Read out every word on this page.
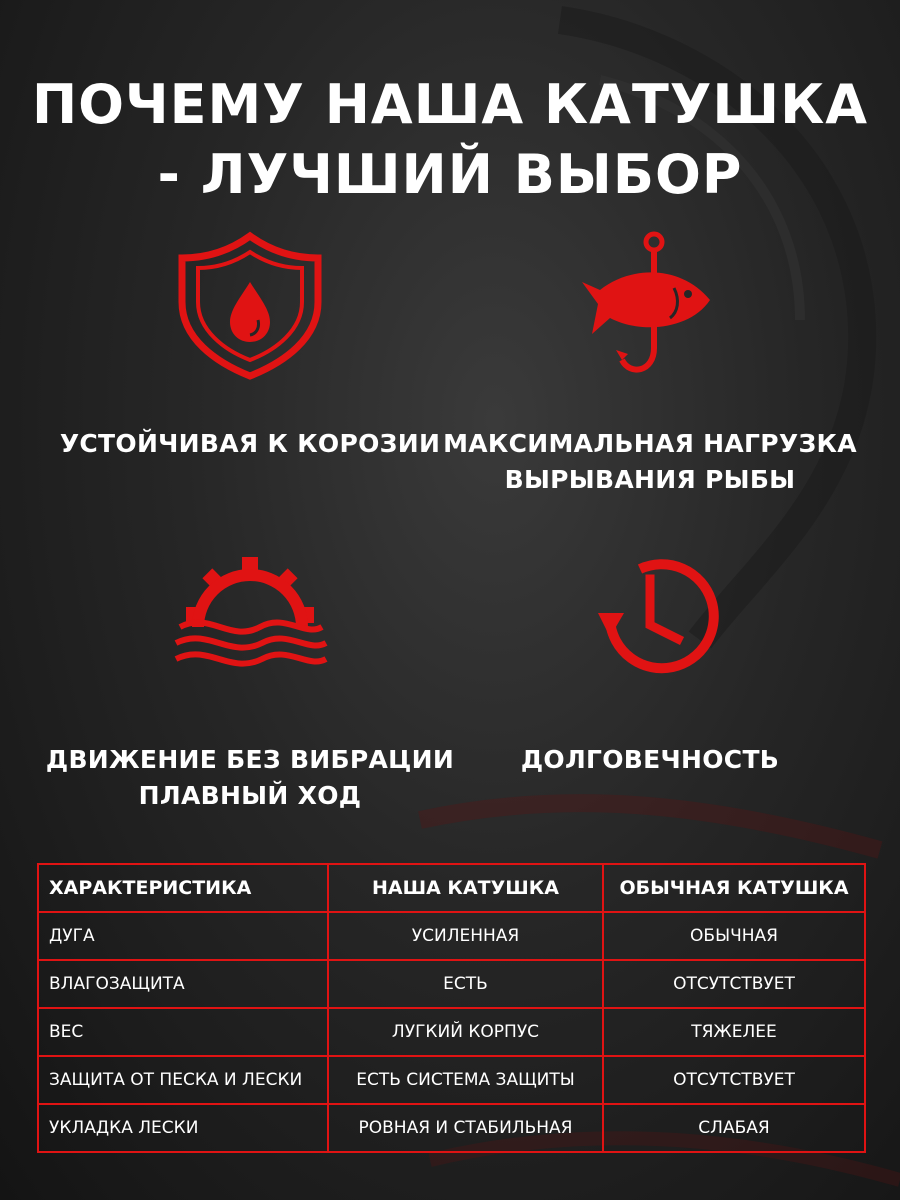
ПОЧЕМУ НАША КАТУШКА
- ЛУЧШИЙ ВЫБОР
УСТОЙЧИВАЯ К КОРОЗИИ МАКСИМАЛЬНАЯ НАГРУЗКА
ВЫРЫВАНИЯ РЫБЫ
ДВИЖЕНИЕ БЕЗ ВИБРАЦИИ
ПЛАВНЫЙ ХОД
ДОЛГОВЕЧНОСТЬ
ХАРАКТЕРИСТИКА	НАША КАТУШКА	ОБЫЧНАЯ КАТУШКА
ДУГА	УСИЛЕННАЯ	ОБЫЧНАЯ
ВЛАГОЗАЩИТА	ЕСТЬ	ОТСУТСТВУЕТ
ВЕС	ЛУГКИЙ КОРПУС	ТЯЖЕЛЕЕ
ЗАЩИТА ОТ ПЕСКА И ЛЕСКИ	ЕСТЬ СИСТЕМА ЗАЩИТЫ	ОТСУТСТВУЕТ
УКЛАДКА ЛЕСКИ	РОВНАЯ И СТАБИЛЬНАЯ	СЛАБАЯ
